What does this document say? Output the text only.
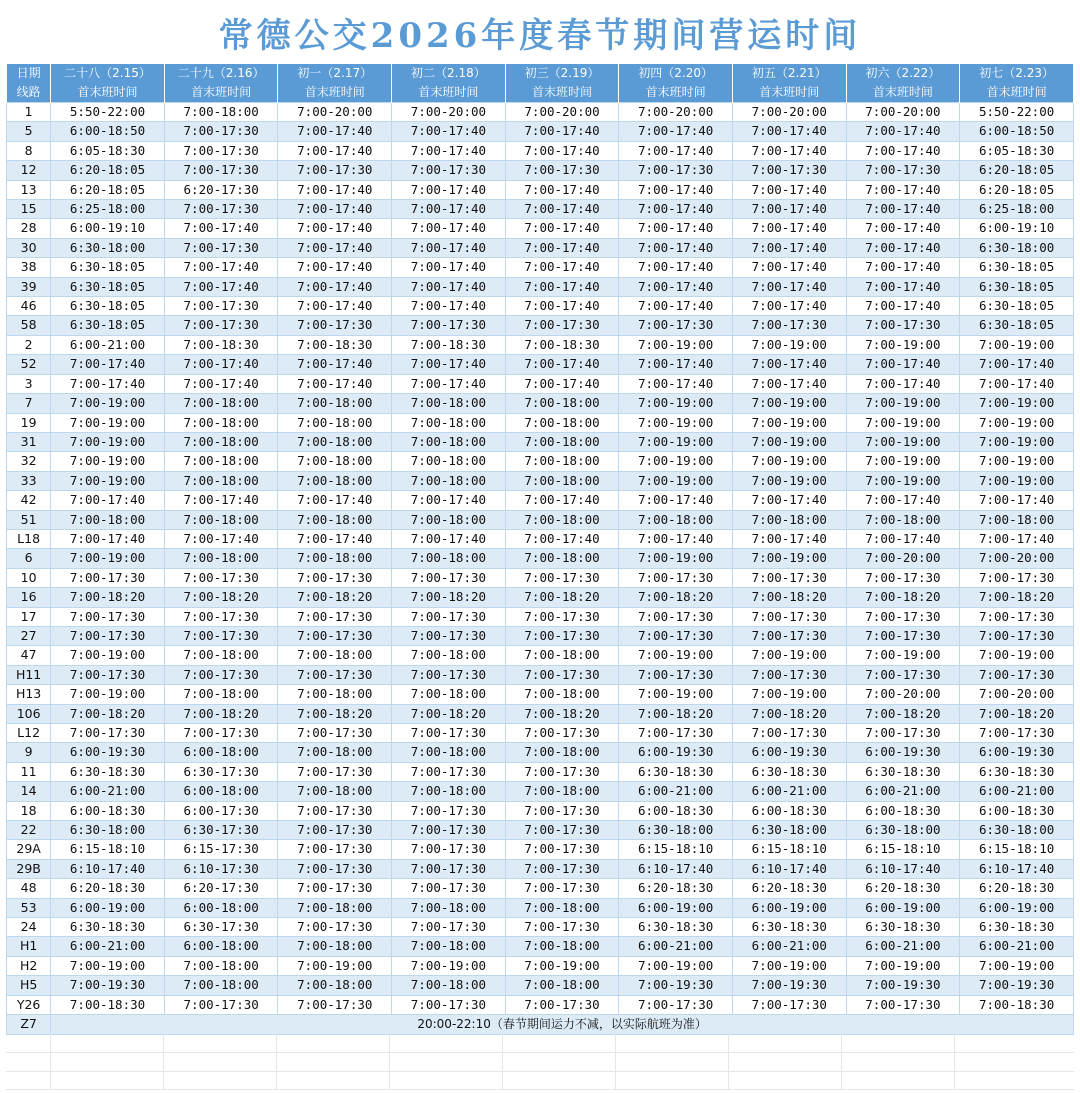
常德公交2026年度春节期间营运时间
日期	二十八（2.15）	二十九（2.16）	初一（2.17）	初二（2.18）	初三（2.19）	初四（2.20）	初五（2.21）	初六（2.22）	初七（2.23）
线路	首末班时间	首末班时间	首末班时间	首末班时间	首末班时间	首末班时间	首末班时间	首末班时间	首末班时间
1	5:50-22:00	7:00-18:00	7:00-20:00	7:00-20:00	7:00-20:00	7:00-20:00	7:00-20:00	7:00-20:00	5:50-22:00
5	6:00-18:50	7:00-17:30	7:00-17:40	7:00-17:40	7:00-17:40	7:00-17:40	7:00-17:40	7:00-17:40	6:00-18:50
8	6:05-18:30	7:00-17:30	7:00-17:40	7:00-17:40	7:00-17:40	7:00-17:40	7:00-17:40	7:00-17:40	6:05-18:30
12	6:20-18:05	7:00-17:30	7:00-17:30	7:00-17:30	7:00-17:30	7:00-17:30	7:00-17:30	7:00-17:30	6:20-18:05
13	6:20-18:05	6:20-17:30	7:00-17:40	7:00-17:40	7:00-17:40	7:00-17:40	7:00-17:40	7:00-17:40	6:20-18:05
15	6:25-18:00	7:00-17:30	7:00-17:40	7:00-17:40	7:00-17:40	7:00-17:40	7:00-17:40	7:00-17:40	6:25-18:00
28	6:00-19:10	7:00-17:40	7:00-17:40	7:00-17:40	7:00-17:40	7:00-17:40	7:00-17:40	7:00-17:40	6:00-19:10
30	6:30-18:00	7:00-17:30	7:00-17:40	7:00-17:40	7:00-17:40	7:00-17:40	7:00-17:40	7:00-17:40	6:30-18:00
38	6:30-18:05	7:00-17:40	7:00-17:40	7:00-17:40	7:00-17:40	7:00-17:40	7:00-17:40	7:00-17:40	6:30-18:05
39	6:30-18:05	7:00-17:40	7:00-17:40	7:00-17:40	7:00-17:40	7:00-17:40	7:00-17:40	7:00-17:40	6:30-18:05
46	6:30-18:05	7:00-17:30	7:00-17:40	7:00-17:40	7:00-17:40	7:00-17:40	7:00-17:40	7:00-17:40	6:30-18:05
58	6:30-18:05	7:00-17:30	7:00-17:30	7:00-17:30	7:00-17:30	7:00-17:30	7:00-17:30	7:00-17:30	6:30-18:05
2	6:00-21:00	7:00-18:30	7:00-18:30	7:00-18:30	7:00-18:30	7:00-19:00	7:00-19:00	7:00-19:00	7:00-19:00
52	7:00-17:40	7:00-17:40	7:00-17:40	7:00-17:40	7:00-17:40	7:00-17:40	7:00-17:40	7:00-17:40	7:00-17:40
3	7:00-17:40	7:00-17:40	7:00-17:40	7:00-17:40	7:00-17:40	7:00-17:40	7:00-17:40	7:00-17:40	7:00-17:40
7	7:00-19:00	7:00-18:00	7:00-18:00	7:00-18:00	7:00-18:00	7:00-19:00	7:00-19:00	7:00-19:00	7:00-19:00
19	7:00-19:00	7:00-18:00	7:00-18:00	7:00-18:00	7:00-18:00	7:00-19:00	7:00-19:00	7:00-19:00	7:00-19:00
31	7:00-19:00	7:00-18:00	7:00-18:00	7:00-18:00	7:00-18:00	7:00-19:00	7:00-19:00	7:00-19:00	7:00-19:00
32	7:00-19:00	7:00-18:00	7:00-18:00	7:00-18:00	7:00-18:00	7:00-19:00	7:00-19:00	7:00-19:00	7:00-19:00
33	7:00-19:00	7:00-18:00	7:00-18:00	7:00-18:00	7:00-18:00	7:00-19:00	7:00-19:00	7:00-19:00	7:00-19:00
42	7:00-17:40	7:00-17:40	7:00-17:40	7:00-17:40	7:00-17:40	7:00-17:40	7:00-17:40	7:00-17:40	7:00-17:40
51	7:00-18:00	7:00-18:00	7:00-18:00	7:00-18:00	7:00-18:00	7:00-18:00	7:00-18:00	7:00-18:00	7:00-18:00
L18	7:00-17:40	7:00-17:40	7:00-17:40	7:00-17:40	7:00-17:40	7:00-17:40	7:00-17:40	7:00-17:40	7:00-17:40
6	7:00-19:00	7:00-18:00	7:00-18:00	7:00-18:00	7:00-18:00	7:00-19:00	7:00-19:00	7:00-20:00	7:00-20:00
10	7:00-17:30	7:00-17:30	7:00-17:30	7:00-17:30	7:00-17:30	7:00-17:30	7:00-17:30	7:00-17:30	7:00-17:30
16	7:00-18:20	7:00-18:20	7:00-18:20	7:00-18:20	7:00-18:20	7:00-18:20	7:00-18:20	7:00-18:20	7:00-18:20
17	7:00-17:30	7:00-17:30	7:00-17:30	7:00-17:30	7:00-17:30	7:00-17:30	7:00-17:30	7:00-17:30	7:00-17:30
27	7:00-17:30	7:00-17:30	7:00-17:30	7:00-17:30	7:00-17:30	7:00-17:30	7:00-17:30	7:00-17:30	7:00-17:30
47	7:00-19:00	7:00-18:00	7:00-18:00	7:00-18:00	7:00-18:00	7:00-19:00	7:00-19:00	7:00-19:00	7:00-19:00
H11	7:00-17:30	7:00-17:30	7:00-17:30	7:00-17:30	7:00-17:30	7:00-17:30	7:00-17:30	7:00-17:30	7:00-17:30
H13	7:00-19:00	7:00-18:00	7:00-18:00	7:00-18:00	7:00-18:00	7:00-19:00	7:00-19:00	7:00-20:00	7:00-20:00
106	7:00-18:20	7:00-18:20	7:00-18:20	7:00-18:20	7:00-18:20	7:00-18:20	7:00-18:20	7:00-18:20	7:00-18:20
L12	7:00-17:30	7:00-17:30	7:00-17:30	7:00-17:30	7:00-17:30	7:00-17:30	7:00-17:30	7:00-17:30	7:00-17:30
9	6:00-19:30	6:00-18:00	7:00-18:00	7:00-18:00	7:00-18:00	6:00-19:30	6:00-19:30	6:00-19:30	6:00-19:30
11	6:30-18:30	6:30-17:30	7:00-17:30	7:00-17:30	7:00-17:30	6:30-18:30	6:30-18:30	6:30-18:30	6:30-18:30
14	6:00-21:00	6:00-18:00	7:00-18:00	7:00-18:00	7:00-18:00	6:00-21:00	6:00-21:00	6:00-21:00	6:00-21:00
18	6:00-18:30	6:00-17:30	7:00-17:30	7:00-17:30	7:00-17:30	6:00-18:30	6:00-18:30	6:00-18:30	6:00-18:30
22	6:30-18:00	6:30-17:30	7:00-17:30	7:00-17:30	7:00-17:30	6:30-18:00	6:30-18:00	6:30-18:00	6:30-18:00
29A	6:15-18:10	6:15-17:30	7:00-17:30	7:00-17:30	7:00-17:30	6:15-18:10	6:15-18:10	6:15-18:10	6:15-18:10
29B	6:10-17:40	6:10-17:30	7:00-17:30	7:00-17:30	7:00-17:30	6:10-17:40	6:10-17:40	6:10-17:40	6:10-17:40
48	6:20-18:30	6:20-17:30	7:00-17:30	7:00-17:30	7:00-17:30	6:20-18:30	6:20-18:30	6:20-18:30	6:20-18:30
53	6:00-19:00	6:00-18:00	7:00-18:00	7:00-18:00	7:00-18:00	6:00-19:00	6:00-19:00	6:00-19:00	6:00-19:00
24	6:30-18:30	6:30-17:30	7:00-17:30	7:00-17:30	7:00-17:30	6:30-18:30	6:30-18:30	6:30-18:30	6:30-18:30
H1	6:00-21:00	6:00-18:00	7:00-18:00	7:00-18:00	7:00-18:00	6:00-21:00	6:00-21:00	6:00-21:00	6:00-21:00
H2	7:00-19:00	7:00-18:00	7:00-19:00	7:00-19:00	7:00-19:00	7:00-19:00	7:00-19:00	7:00-19:00	7:00-19:00
H5	7:00-19:30	7:00-18:00	7:00-18:00	7:00-18:00	7:00-18:00	7:00-19:30	7:00-19:30	7:00-19:30	7:00-19:30
Y26	7:00-18:30	7:00-17:30	7:00-17:30	7:00-17:30	7:00-17:30	7:00-17:30	7:00-17:30	7:00-17:30	7:00-18:30
Z7	20:00-22:10（春节期间运力不减，以实际航班为准）								
